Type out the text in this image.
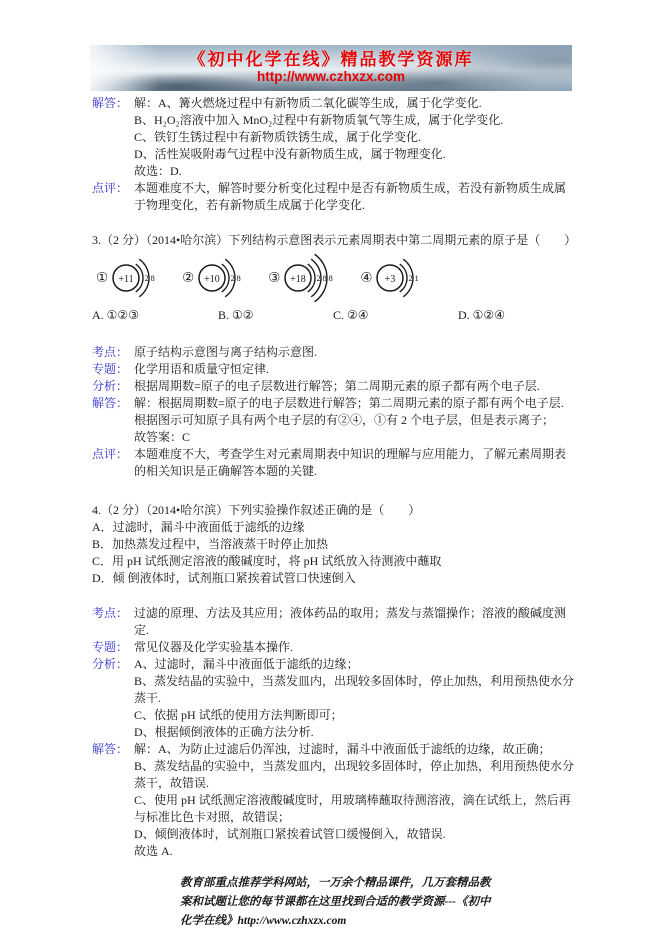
《初中化学在线》精品教学资源库
http://www.czhxzx.com
解答： 解：A、篝火燃烧过程中有新物质二氧化碳等生成，属于化学变化.
B、H₂O₂溶液中加入 MnO₂过程中有新物质氧气等生成，属于化学变化.
C、铁钉生锈过程中有新物质铁锈生成，属于化学变化.
D、活性炭吸附毒气过程中没有新物质生成，属于物理变化.
故选：D.
点评： 本题难度不大，解答时要分析变化过程中是否有新物质生成，若没有新物质生成属于物理变化，若有新物质生成属于化学变化.
3.（2 分）（2014•哈尔滨）下列结构示意图表示元素周期表中第二周期元素的原子是（　　）
① +11 2 8 ② +10 2 8 ③ +18 2 8 8 ④ +3 2 1
A. ①②③	B. ①②	C. ②④	D. ①②④
考点： 原子结构示意图与离子结构示意图.
专题： 化学用语和质量守恒定律.
分析： 根据周期数=原子的电子层数进行解答；第二周期元素的原子都有两个电子层.
解答： 解：根据周期数=原子的电子层数进行解答；第二周期元素的原子都有两个电子层.
根据图示可知原子具有两个电子层的有②④，①有 2 个电子层，但是表示离子；
故答案：C
点评： 本题难度不大，考查学生对元素周期表中知识的理解与应用能力，了解元素周期表的相关知识是正确解答本题的关键.
4.（2 分）（2014•哈尔滨）下列实验操作叙述正确的是（　　）
A．过滤时，漏斗中液面低于滤纸的边缘
B．加热蒸发过程中，当溶液蒸干时停止加热
C．用 pH 试纸测定溶液的酸碱度时，将 pH 试纸放入待测液中蘸取
D．倾 倒液体时，试剂瓶口紧挨着试管口快速倒入
考点： 过滤的原理、方法及其应用；液体药品的取用；蒸发与蒸馏操作；溶液的酸碱度测定.
专题： 常见仪器及化学实验基本操作.
分析： A、过滤时，漏斗中液面低于滤纸的边缘；
B、蒸发结晶的实验中，当蒸发皿内，出现较多固体时，停止加热，利用预热使水分蒸干.
C、依据 pH 试纸的使用方法判断即可；
D、根据倾倒液体的正确方法分析.
解答： 解：A、为防止过滤后仍浑浊，过滤时，漏斗中液面低于滤纸的边缘，故正确；
B、蒸发结晶的实验中，当蒸发皿内，出现较多固体时，停止加热，利用预热使水分蒸干，故错误.
C、使用 pH 试纸测定溶液酸碱度时，用玻璃棒蘸取待测溶液，滴在试纸上，然后再与标准比色卡对照，故错误；
D、倾倒液体时，试剂瓶口紧挨着试管口缓慢倒入，故错误.
故选 A.
教育部重点推荐学科网站，一万余个精品课件，几万套精品教案和试题让您的每节课都在这里找到合适的教学资源---《初中化学在线》http://www.czhxzx.com
